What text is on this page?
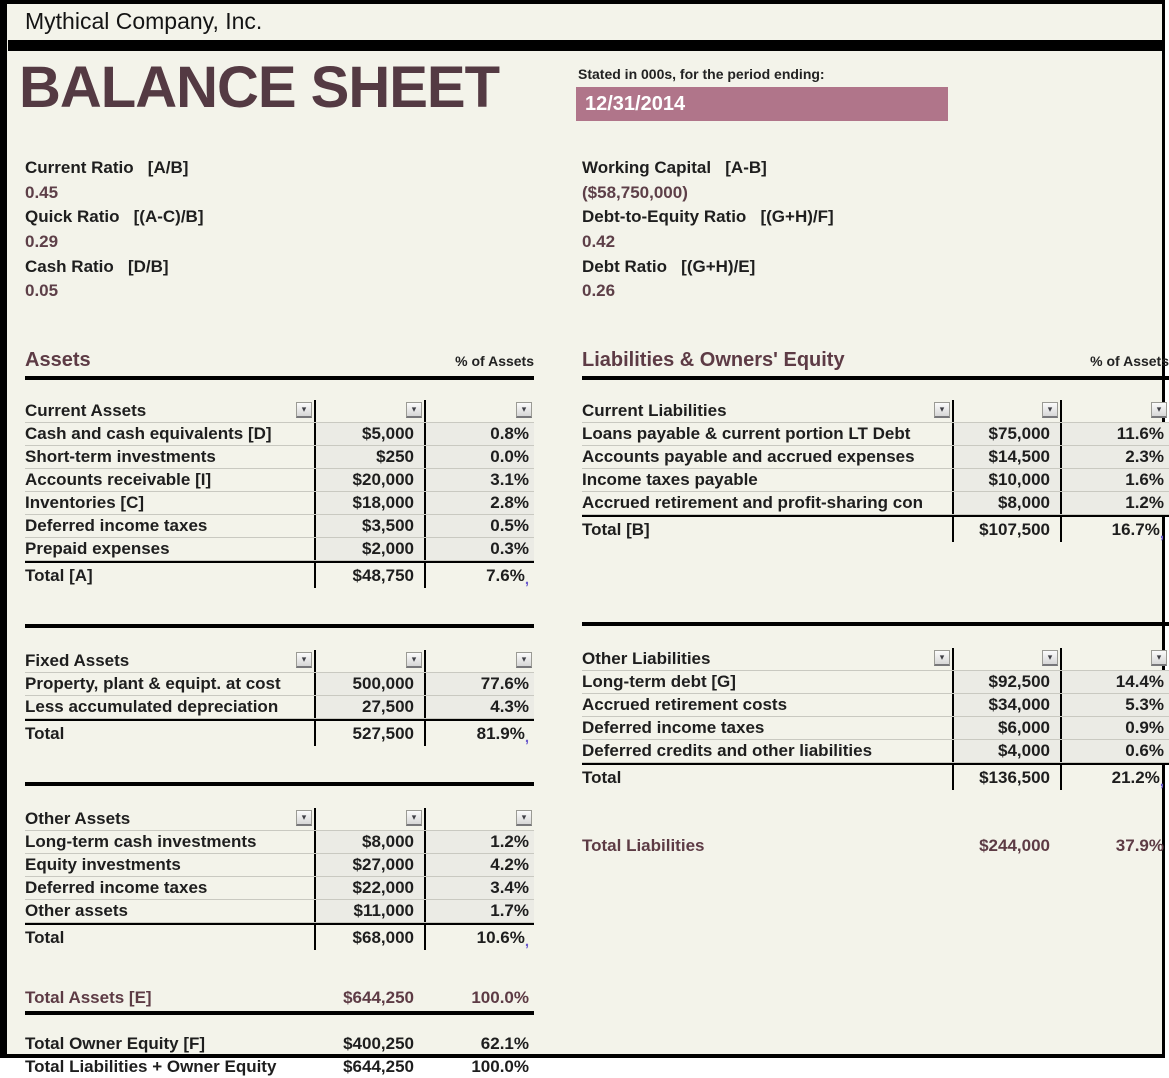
Mythical Company, Inc.
BALANCE SHEET	Stated in 000s, for the period ending:
12/31/2014
Current Ratio   [A/B]
0.45
Quick Ratio   [(A-C)/B]
0.29
Cash Ratio   [D/B]
0.05
Working Capital   [A-B]
($58,750,000)
Debt-to-Equity Ratio   [(G+H)/F]
0.42
Debt Ratio   [(G+H)/E]
0.26
Assets	% of Assets Liabilities & Owners' Equity	% of Assets
Current Assets	▾	▾	▾
Cash and cash equivalents [D]	$5,000	0.8%
Short-term investments	$250	0.0%
Accounts receivable [I]	$20,000	3.1%
Inventories [C]	$18,000	2.8%
Deferred income taxes	$3,500	0.5%
Prepaid expenses	$2,000	0.3%
Total [A]	$48,750	7.6% ,
Fixed Assets	▾	▾	▾
Property, plant & equipt. at cost	500,000	77.6%
Less accumulated depreciation	27,500	4.3%
Total	527,500	81.9% ,
Other Assets	▾	▾	▾
Long-term cash investments	$8,000	1.2%
Equity investments	$27,000	4.2%
Deferred income taxes	$22,000	3.4%
Other assets	$11,000	1.7%
Total	$68,000	10.6% ,
Total Assets [E]	$644,250	100.0%
Total Owner Equity [F]	$400,250	62.1%
Total Liabilities + Owner Equity	$644,250	100.0%
Current Liabilities	▾	▾	▾
Loans payable & current portion LT Debt	$75,000	11.6%
Accounts payable and accrued expenses	$14,500	2.3%
Income taxes payable	$10,000	1.6%
Accrued retirement and profit-sharing con	$8,000	1.2%
Total [B]	$107,500	16.7% ,
Other Liabilities	▾	▾	▾
Long-term debt [G]	$92,500	14.4%
Accrued retirement costs	$34,000	5.3%
Deferred income taxes	$6,000	0.9%
Deferred credits and other liabilities	$4,000	0.6%
Total	$136,500	21.2% ,
Total Liabilities	$244,000	37.9%
